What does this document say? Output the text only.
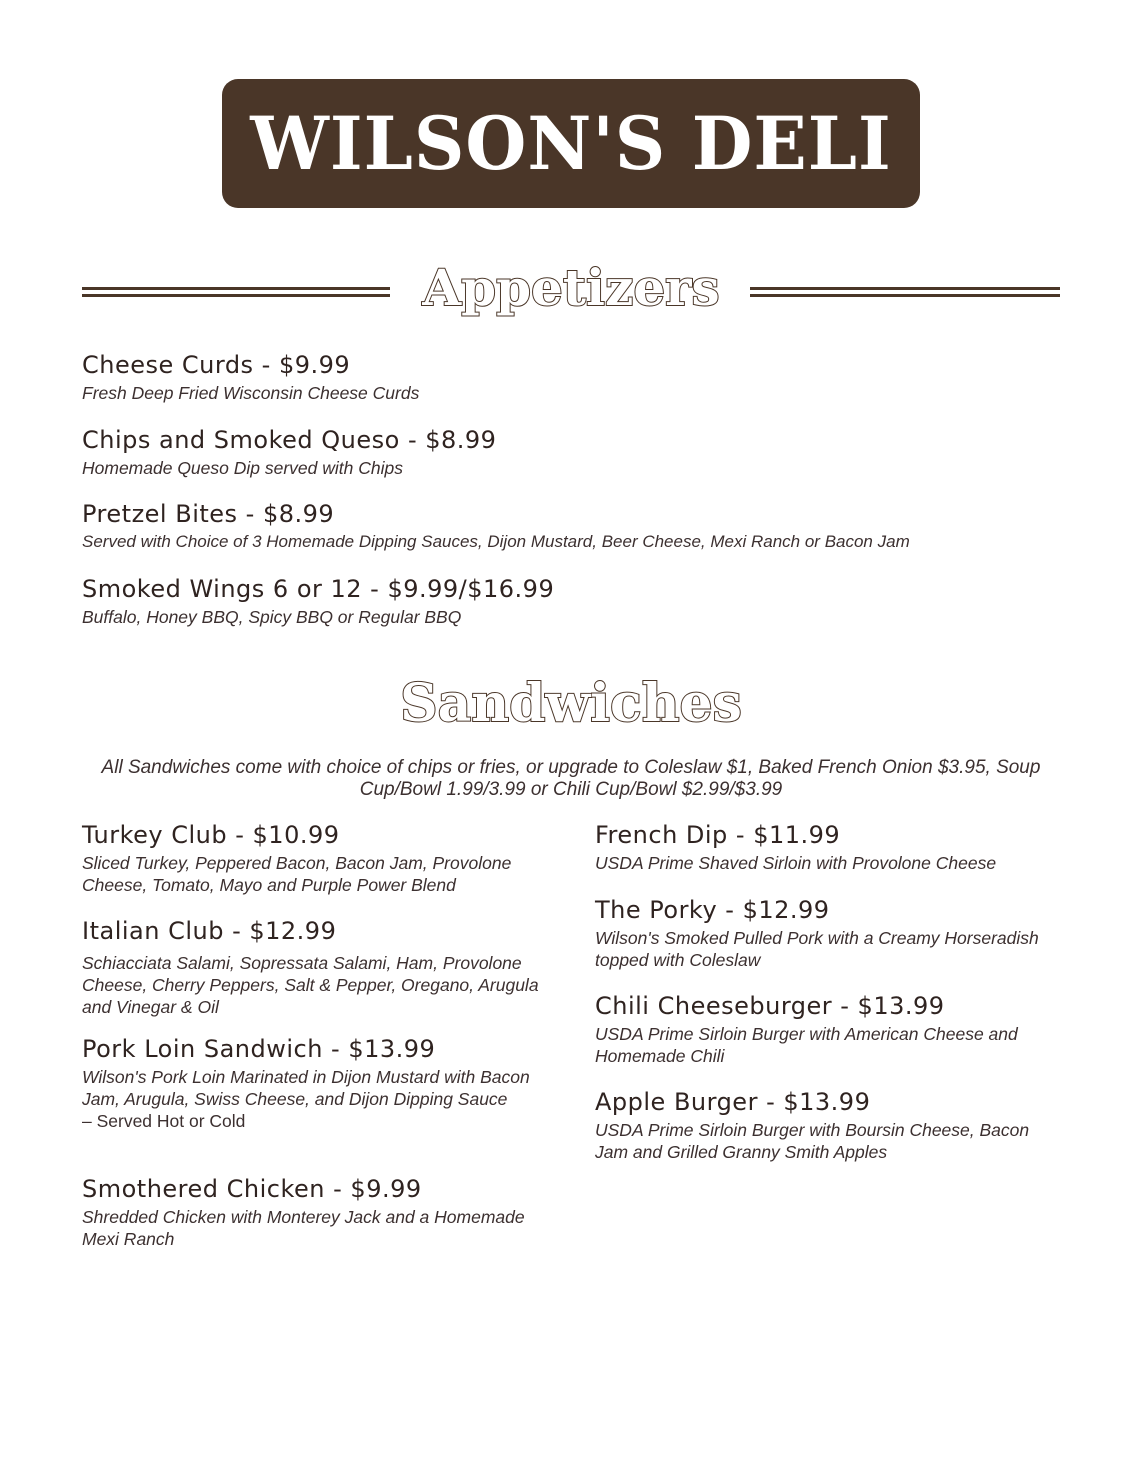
WILSON'S DELI
Appetizers
Cheese Curds - $9.99
Fresh Deep Fried Wisconsin Cheese Curds
Chips and Smoked Queso - $8.99
Homemade Queso Dip served with Chips
Pretzel Bites - $8.99
Served with Choice of 3 Homemade Dipping Sauces, Dijon Mustard, Beer Cheese, Mexi Ranch or Bacon Jam
Smoked Wings 6 or 12 - $9.99/$16.99
Buffalo, Honey BBQ, Spicy BBQ or Regular BBQ
Sandwiches
All Sandwiches come with choice of chips or fries, or upgrade to Coleslaw $1, Baked French Onion $3.95, Soup Cup/Bowl 1.99/3.99 or Chili Cup/Bowl $2.99/$3.99
Turkey Club - $10.99
Sliced Turkey, Peppered Bacon, Bacon Jam, Provolone Cheese, Tomato, Mayo and Purple Power Blend
Italian Club - $12.99
Schiacciata Salami, Sopressata Salami, Ham, Provolone Cheese, Cherry Peppers, Salt & Pepper, Oregano, Arugula and Vinegar & Oil
Pork Loin Sandwich - $13.99
Wilson's Pork Loin Marinated in Dijon Mustard with Bacon Jam, Arugula, Swiss Cheese, and Dijon Dipping Sauce
– Served Hot or Cold
Smothered Chicken - $9.99
Shredded Chicken with Monterey Jack and a Homemade Mexi Ranch
French Dip - $11.99
USDA Prime Shaved Sirloin with Provolone Cheese
The Porky - $12.99
Wilson's Smoked Pulled Pork with a Creamy Horseradish topped with Coleslaw
Chili Cheeseburger - $13.99
USDA Prime Sirloin Burger with American Cheese and Homemade Chili
Apple Burger - $13.99
USDA Prime Sirloin Burger with Boursin Cheese, Bacon Jam and Grilled Granny Smith Apples
